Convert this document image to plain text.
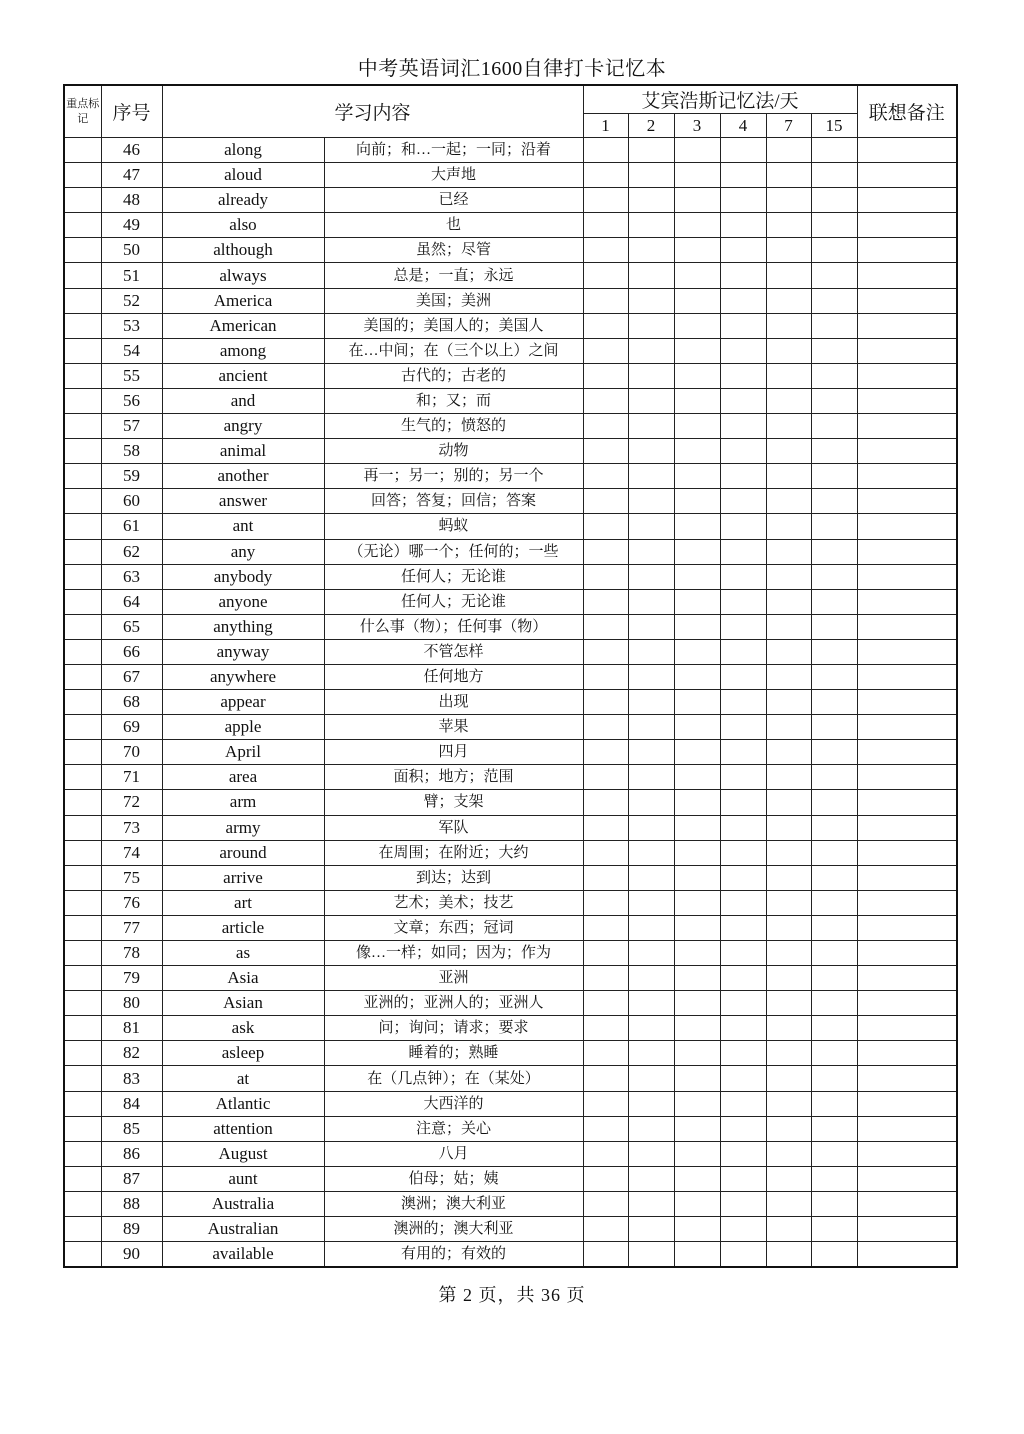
中考英语词汇1600自律打卡记忆本
重点标记	序号	学习内容		艾宾浩斯记忆法/天						联想备注
				1	2	3	4	7	15	
	46	along	向前；和…一起；一同；沿着							
	47	aloud	大声地							
	48	already	已经							
	49	also	也							
	50	although	虽然；尽管							
	51	always	总是；一直；永远							
	52	America	美国；美洲							
	53	American	美国的；美国人的；美国人							
	54	among	在…中间；在（三个以上）之间							
	55	ancient	古代的；古老的							
	56	and	和；又；而							
	57	angry	生气的；愤怒的							
	58	animal	动物							
	59	another	再一；另一；别的；另一个							
	60	answer	回答；答复；回信；答案							
	61	ant	蚂蚁							
	62	any	（无论）哪一个；任何的；一些							
	63	anybody	任何人；无论谁							
	64	anyone	任何人；无论谁							
	65	anything	什么事（物）；任何事（物）							
	66	anyway	不管怎样							
	67	anywhere	任何地方							
	68	appear	出现							
	69	apple	苹果							
	70	April	四月							
	71	area	面积；地方；范围							
	72	arm	臂；支架							
	73	army	军队							
	74	around	在周围；在附近；大约							
	75	arrive	到达；达到							
	76	art	艺术；美术；技艺							
	77	article	文章；东西；冠词							
	78	as	像…一样；如同；因为；作为							
	79	Asia	亚洲							
	80	Asian	亚洲的；亚洲人的；亚洲人							
	81	ask	问；询问；请求；要求							
	82	asleep	睡着的；熟睡							
	83	at	在（几点钟）；在（某处）							
	84	Atlantic	大西洋的							
	85	attention	注意；关心							
	86	August	八月							
	87	aunt	伯母；姑；姨							
	88	Australia	澳洲；澳大利亚							
	89	Australian	澳洲的；澳大利亚							
	90	available	有用的；有效的							
第 2 页，共 36 页
